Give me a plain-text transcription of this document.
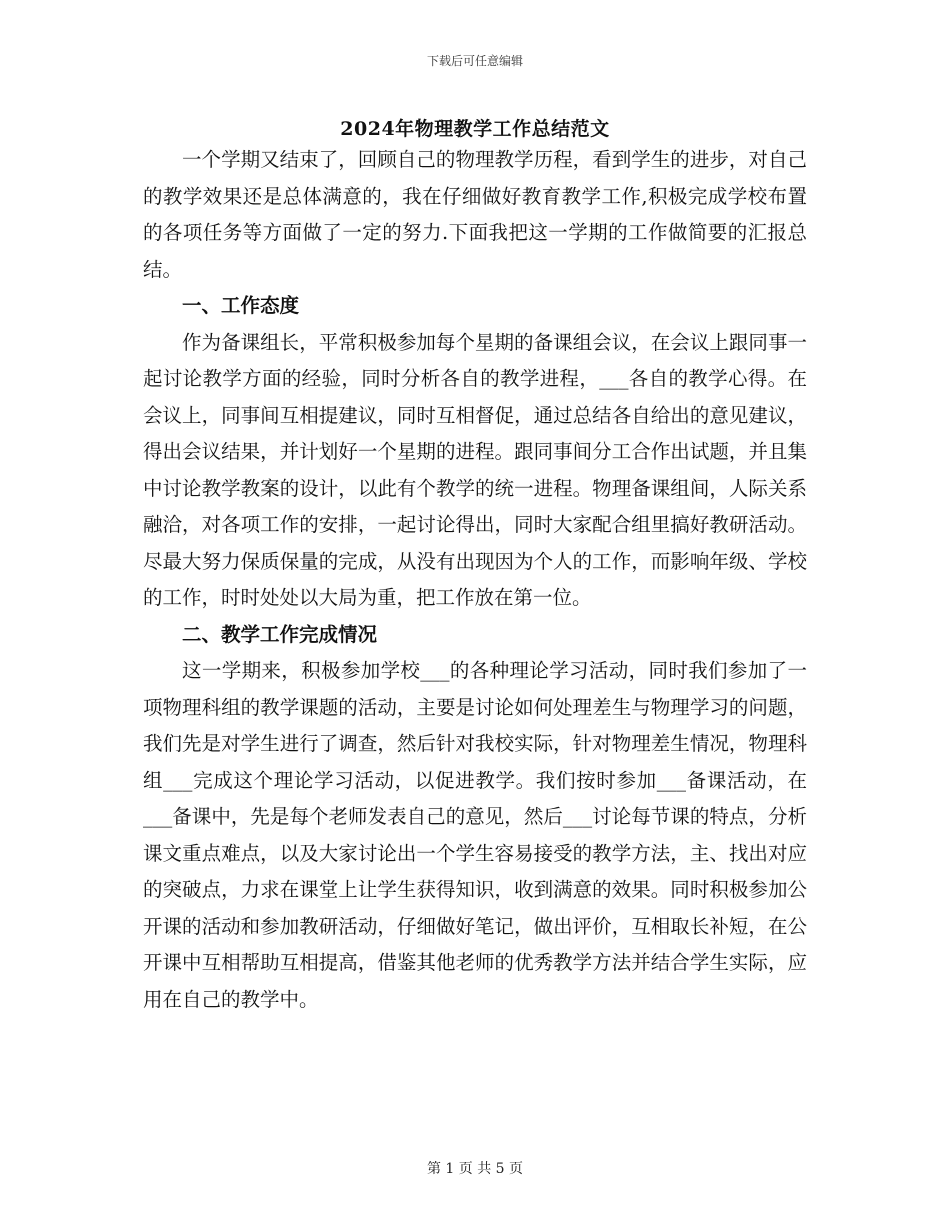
下载后可任意编辑
2024年物理教学工作总结范文

一个学期又结束了，回顾自己的物理教学历程，看到学生的进步，对自己的教学效果还是总体满意的，我在仔细做好教育教学工作,积极完成学校布置的各项任务等方面做了一定的努力.下面我把这一学期的工作做简要的汇报总结。

一、工作态度

作为备课组长，平常积极参加每个星期的备课组会议，在会议上跟同事一起讨论教学方面的经验，同时分析各自的教学进程，___各自的教学心得。在会议上，同事间互相提建议，同时互相督促，通过总结各自给出的意见建议，得出会议结果，并计划好一个星期的进程。跟同事间分工合作出试题，并且集中讨论教学教案的设计，以此有个教学的统一进程。物理备课组间，人际关系融洽，对各项工作的安排，一起讨论得出，同时大家配合组里搞好教研活动。尽最大努力保质保量的完成，从没有出现因为个人的工作，而影响年级、学校的工作，时时处处以大局为重，把工作放在第一位。

二、教学工作完成情况

这一学期来，积极参加学校___的各种理论学习活动，同时我们参加了一项物理科组的教学课题的活动，主要是讨论如何处理差生与物理学习的问题，我们先是对学生进行了调查，然后针对我校实际，针对物理差生情况，物理科组___完成这个理论学习活动，以促进教学。我们按时参加___备课活动，在___备课中，先是每个老师发表自己的意见，然后___讨论每节课的特点，分析课文重点难点，以及大家讨论出一个学生容易接受的教学方法，主、找出对应的突破点，力求在课堂上让学生获得知识，收到满意的效果。同时积极参加公开课的活动和参加教研活动，仔细做好笔记，做出评价，互相取长补短，在公开课中互相帮助互相提高，借鉴其他老师的优秀教学方法并结合学生实际，应用在自己的教学中。

第 1 页 共 5 页
